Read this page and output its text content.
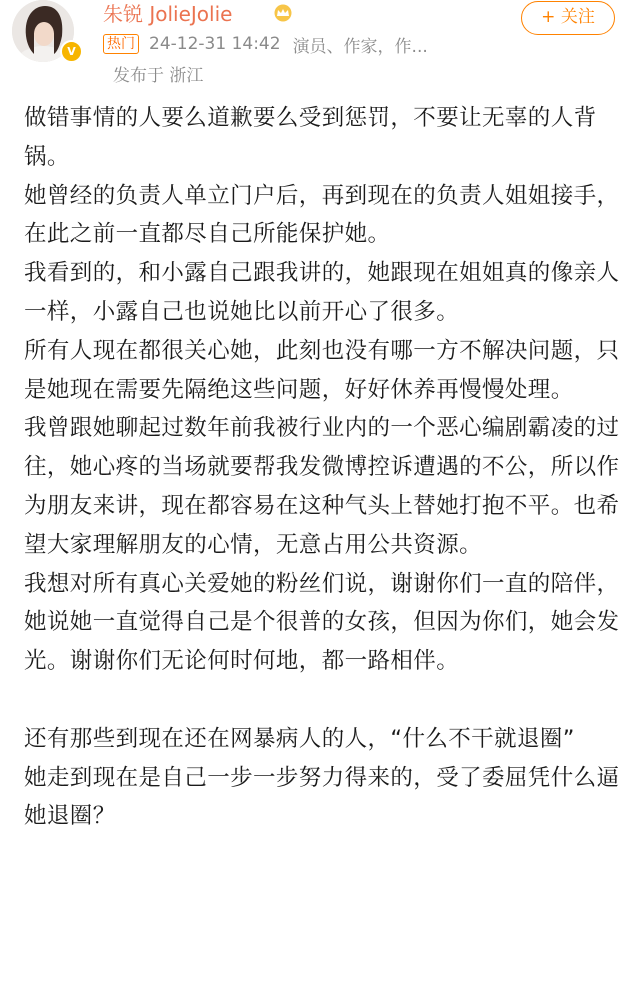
V
朱锐 JolieJolie
热门 24-12-31 14:42 演员、作家，作...
发布于 浙江
+ 关注

做错事情的人要么道歉要么受到惩罚，不要让无辜的人背锅。

她曾经的负责人单立门户后，再到现在的负责人姐姐接手，在此之前一直都尽自己所能保护她。

我看到的，和小露自己跟我讲的，她跟现在姐姐真的像亲人一样，小露自己也说她比以前开心了很多。

所有人现在都很关心她，此刻也没有哪一方不解决问题，只是她现在需要先隔绝这些问题，好好休养再慢慢处理。

我曾跟她聊起过数年前我被行业内的一个恶心编剧霸凌的过往，她心疼的当场就要帮我发微博控诉遭遇的不公，所以作为朋友来讲，现在都容易在这种气头上替她打抱不平。也希望大家理解朋友的心情，无意占用公共资源。

我想对所有真心关爱她的粉丝们说，谢谢你们一直的陪伴，她说她一直觉得自己是个很普的女孩，但因为你们，她会发光。谢谢你们无论何时何地，都一路相伴。

还有那些到现在还在网暴病人的人，“什么不干就退圈”

她走到现在是自己一步一步努力得来的，受了委屈凭什么逼她退圈？
